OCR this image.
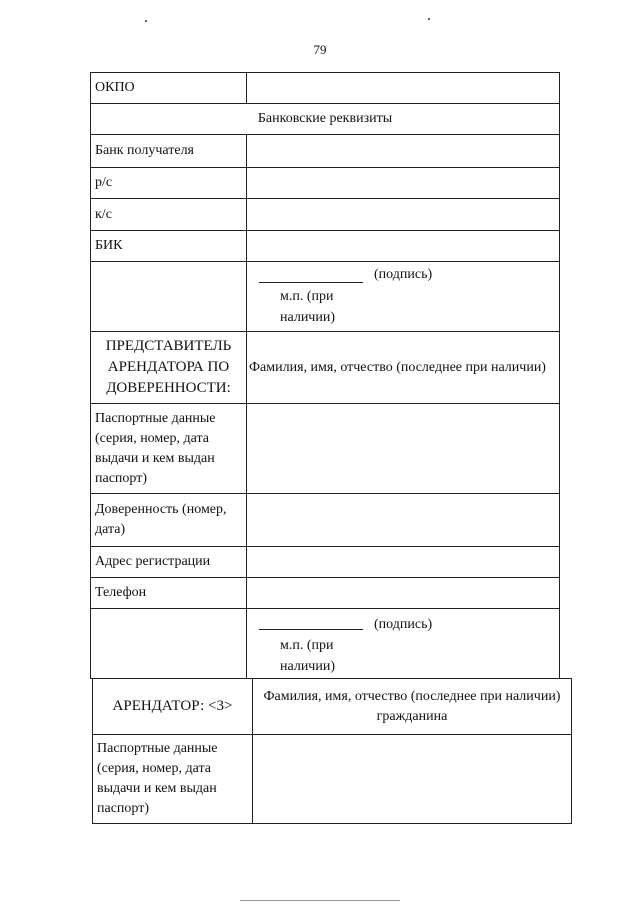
79
ОКПО	
Банковские реквизиты	
Банк получателя	
р/с	
к/с	
БИК	

	(подпись)
м.п. (при
наличии)

ПРЕДСТАВИТЕЛЬ
АРЕНДАТОРА ПО
ДОВЕРЕННОСТИ:	Фамилия, имя, отчество (последнее при наличии)

Паспортные данные
(серия, номер, дата
выдачи и кем выдан
паспорт)	

Доверенность (номер,
дата)	

Адрес регистрации	
Телефон	

	(подпись)
м.п. (при
наличии)
АРЕНДАТОР: <3>	Фамилия, имя, отчество (последнее при наличии)
гражданина

Паспортные данные
(серия, номер, дата
выдачи и кем выдан
паспорт)	
